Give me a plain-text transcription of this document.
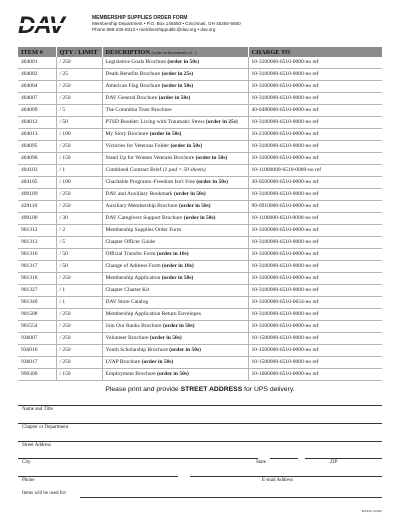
MEMBERSHIP SUPPLIES ORDER FORM
Membership Department • P.O. Box 145550 • Cincinnati, OH 45250-5550
Phone 888-236-8313 • membershippublic@dav.org • dav.org
ITEM #	QTY / LIMIT	DESCRIPTION (order in increments of...)	CHARGE TO
404001	/ 250	Legislative Goals Brochure (order in 50s)	10-3100000-6510-0000-no ref
404002	/ 25	Death Benefits Brochure (order in 25s)	10-3100000-6510-0000-no ref
404004	/ 250	American Flag Brochure (order in 50s)	10-3100000-6510-0000-no ref
404007	/ 250	DAV General Brochure (order in 50s)	10-3100000-6510-0000-no ref
404009	/ 5	The Columbia Trust Brochure	40-0480000-6510-0000-no ref
404012	/ 50	PTSD Booklet: Living with Traumatic Stress (order in 25s)	10-3100000-6510-0000-no ref
404013	/ 100	My Story Brochure (order in 50s)	10-2100000-6510-0000-no ref
404095	/ 250	Victories for Veterans Folder (order in 50s)	10-3100000-6510-0000-no ref
404096	/ 150	Stand Up for Women Veterans Brochure (order in 50s)	10-3100000-6510-0000-no ref
404103	/ 1	Combined Contract Brief (1 pad = 50 sheets)	10-11000000-6510-0000-no ref
404105	/ 100	Charitable Programs–Freedom Isn't Free (order in 50s)	30-0500000-6510-0000-no ref
409109	/ 250	DAV and Auxiliary Bookmark (order in 50s)	10-3100000-6510-0000-no ref
420110	/ 250	Auxiliary Membership Brochure (order in 50s)	90-0910000-6510-0000-no ref
490100	/ 30	DAV Caregivers Support Brochure (order in 50s)	10-1100000-6510-0000-no ref
901312	/ 2	Membership Supplies Order Form	10-3100000-6510-0000-no ref
901313	/ 5	Chapter Officer Guide	10-3100000-6510-0000-no ref
901316	/ 50	Official Transfer Form (order in 10s)	10-3100000-6510-0000-no ref
901317	/ 50	Change of Address Form (order in 10s)	10-3100000-6510-0000-no ref
901318	/ 250	Membership Application (order in 50s)	10-3100000-6510-0000-no ref
901327	/ 1	Chapter Charter Kit	10-3100000-6510-0000-no ref
901340	/ 1	DAV Store Catalog	10-3100000-6510-0654-no ref
901508	/ 250	Membership Application Return Envelopes	10-3100000-6510-0000-no ref
901554	/ 250	Join Our Ranks Brochure (order in 50s)	10-3100000-6510-0000-no ref
936007	/ 250	Volunteer Brochure (order in 50s)	10-1500000-6510-0000-no ref
936016	/ 250	Youth Scholarship Brochure (order in 50s)	10-1500000-6510-0000-no ref
936017	/ 250	LVAP Brochure (order in 50s)	10-1500000-6510-0000-no ref
990300	/ 150	Employment Brochure (order in 50s)	10-1600000-6510-0000-no ref
Please print and provide STREET ADDRESS for UPS delivery.
Name and Title
Chapter or Department
Street Address
City	State	ZIP
Phone	E-mail Address
Items will be used for:
901312 (10/20)
